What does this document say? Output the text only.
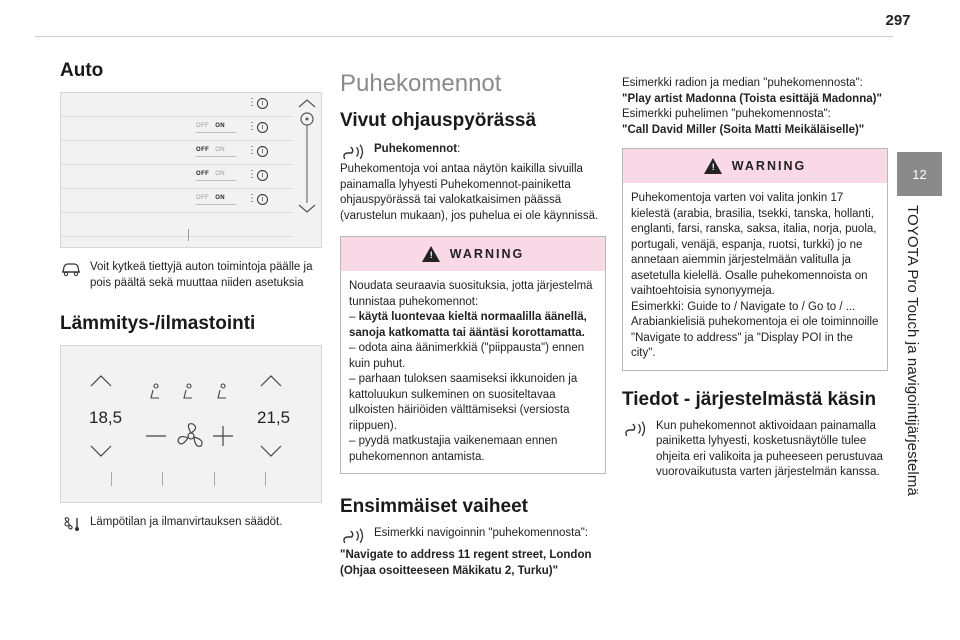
297
12
TOYOTA Pro Touch ja navigointijärjestelmä
Auto
⋮ i
OFF ON ⋮ i
OFF ON ⋮ i
OFF ON ⋮ i
OFF ON ⋮ i
Voit kytkeä tiettyjä auton toimintoja päälle ja pois päältä sekä muuttaa niiden asetuksia
Lämmitys-/ilmastointi
18,5	21,5
Lämpötilan ja ilmanvirtauksen säädöt.
Puhekomennot
Vivut ohjauspyörässä
Puhekomennot:
Puhekomentoja voi antaa näytön kaikilla sivuilla painamalla lyhyesti Puhekomennot-painiketta ohjauspyörässä tai valokatkaisimen päässä (varustelun mukaan), jos puhelua ei ole käynnissä.
! WARNING
Noudata seuraavia suosituksia, jotta järjestelmä tunnistaa puhekomennot:
– käytä luontevaa kieltä normaalilla äänellä, sanoja katkomatta tai ääntäsi korottamatta.
– odota aina äänimerkkiä ("piippausta") ennen kuin puhut.
– parhaan tuloksen saamiseksi ikkunoiden ja kattoluukun sulkeminen on suositeltavaa ulkoisten häiriöiden välttämiseksi (versiosta riippuen).
– pyydä matkustajia vaikenemaan ennen puhekomennon antamista.
Ensimmäiset vaiheet
Esimerkki navigoinnin "puhekomennosta":
"Navigate to address 11 regent street, London (Ohjaa osoitteeseen Mäkikatu 2, Turku)"
Esimerkki radion ja median "puhekomennosta":
"Play artist Madonna (Toista esittäjä Madonna)"
Esimerkki puhelimen "puhekomennosta":
"Call David Miller (Soita Matti Meikäläiselle)"
! WARNING
Puhekomentoja varten voi valita jonkin 17 kielestä (arabia, brasilia, tsekki, tanska, hollanti, englanti, farsi, ranska, saksa, italia, norja, puola, portugali, venäjä, espanja, ruotsi, turkki) jo ne annetaan aiemmin järjestelmään valitulla ja asetetulla kielellä. Osalle puhekomennoista on vaihtoehtoisia synonyymeja.
Esimerkki: Guide to / Navigate to / Go to / ...
Arabiankielisiä puhekomentoja ei ole toiminnoille "Navigate to address" ja "Display POI in the city".
Tiedot - järjestelmästä käsin
Kun puhekomennot aktivoidaan painamalla painiketta lyhyesti, kosketusnäytölle tulee ohjeita eri valikoita ja puheeseen perustuvaa vuorovaikutusta varten järjestelmän kanssa.
